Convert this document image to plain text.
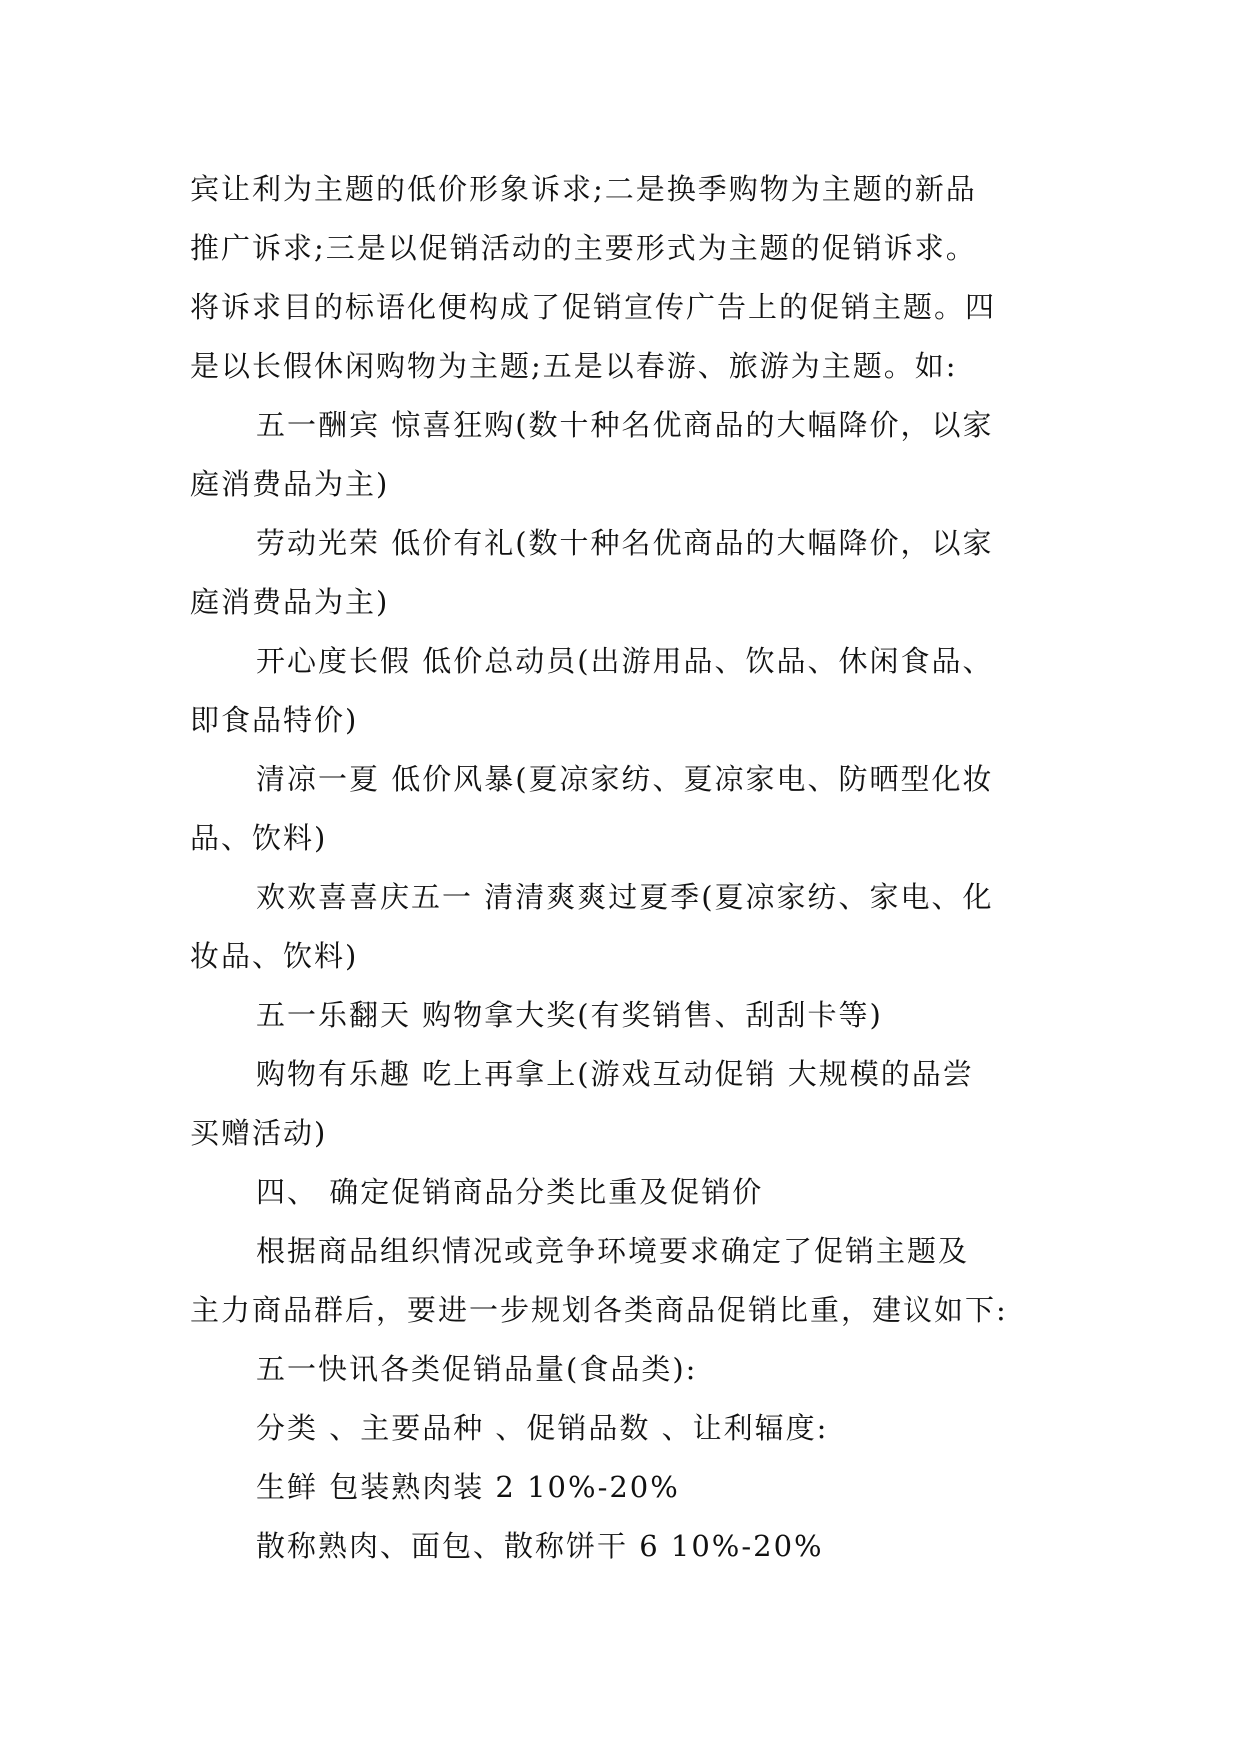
宾让利为主题的低价形象诉求;二是换季购物为主题的新品
推广诉求;三是以促销活动的主要形式为主题的促销诉求。
将诉求目的标语化便构成了促销宣传广告上的促销主题。四
是以长假休闲购物为主题;五是以春游、旅游为主题。如:

五一酬宾 惊喜狂购(数十种名优商品的大幅降价，以家
庭消费品为主)

劳动光荣 低价有礼(数十种名优商品的大幅降价，以家
庭消费品为主)

开心度长假 低价总动员(出游用品、饮品、休闲食品、
即食品特价)

清凉一夏 低价风暴(夏凉家纺、夏凉家电、防晒型化妆
品、饮料)

欢欢喜喜庆五一 清清爽爽过夏季(夏凉家纺、家电、化
妆品、饮料)

五一乐翻天 购物拿大奖(有奖销售、刮刮卡等)

购物有乐趣 吃上再拿上(游戏互动促销 大规模的品尝
买赠活动)

四、 确定促销商品分类比重及促销价

根据商品组织情况或竞争环境要求确定了促销主题及
主力商品群后，要进一步规划各类商品促销比重，建议如下:

五一快讯各类促销品量(食品类):

分类 、主要品种 、促销品数 、让利辐度:

生鲜 包装熟肉装 2 10%-20%

散称熟肉、面包、散称饼干 6 10%-20%
